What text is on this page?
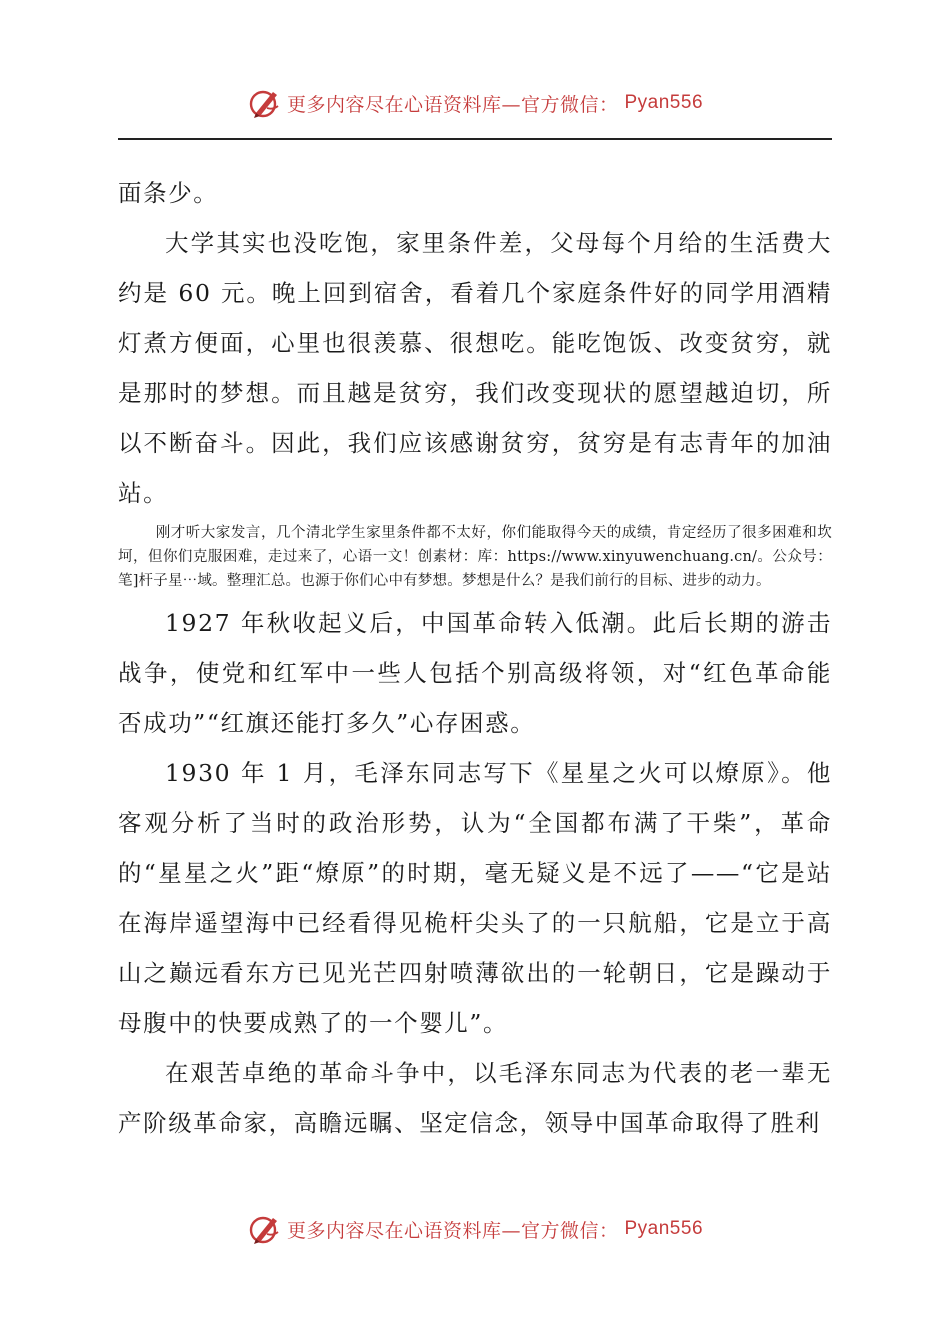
更多内容尽在心语资料库—官方微信： Pyan556

面条少。

大学其实也没吃饱，家里条件差，父母每个月给的生活费大约是 60 元。晚上回到宿舍，看着几个家庭条件好的同学用酒精灯煮方便面，心里也很羡慕、很想吃。能吃饱饭、改变贫穷，就是那时的梦想。而且越是贫穷，我们改变现状的愿望越迫切，所以不断奋斗。因此，我们应该感谢贫穷，贫穷是有志青年的加油站。

刚才听大家发言，几个清北学生家里条件都不太好，你们能取得今天的成绩，肯定经历了很多困难和坎坷，但你们克服困难，走过来了，心语一文！创素材：库：https://www.xinyuwenchuang.cn/。公众号：笔]杆子星⋯域。整理汇总。也源于你们心中有梦想。梦想是什么？是我们前行的目标、进步的动力。

1927 年秋收起义后，中国革命转入低潮。此后长期的游击战争，使党和红军中一些人包括个别高级将领，对“红色革命能否成功”“红旗还能打多久”心存困惑。

1930 年 1 月，毛泽东同志写下《星星之火可以燎原》。他客观分析了当时的政治形势，认为“全国都布满了干柴”，革命的“星星之火”距“燎原”的时期，毫无疑义是不远了——“它是站在海岸遥望海中已经看得见桅杆尖头了的一只航船，它是立于高山之巅远看东方已见光芒四射喷薄欲出的一轮朝日，它是躁动于母腹中的快要成熟了的一个婴儿”。

在艰苦卓绝的革命斗争中，以毛泽东同志为代表的老一辈无产阶级革命家，高瞻远瞩、坚定信念，领导中国革命取得了胜利

更多内容尽在心语资料库—官方微信： Pyan556
